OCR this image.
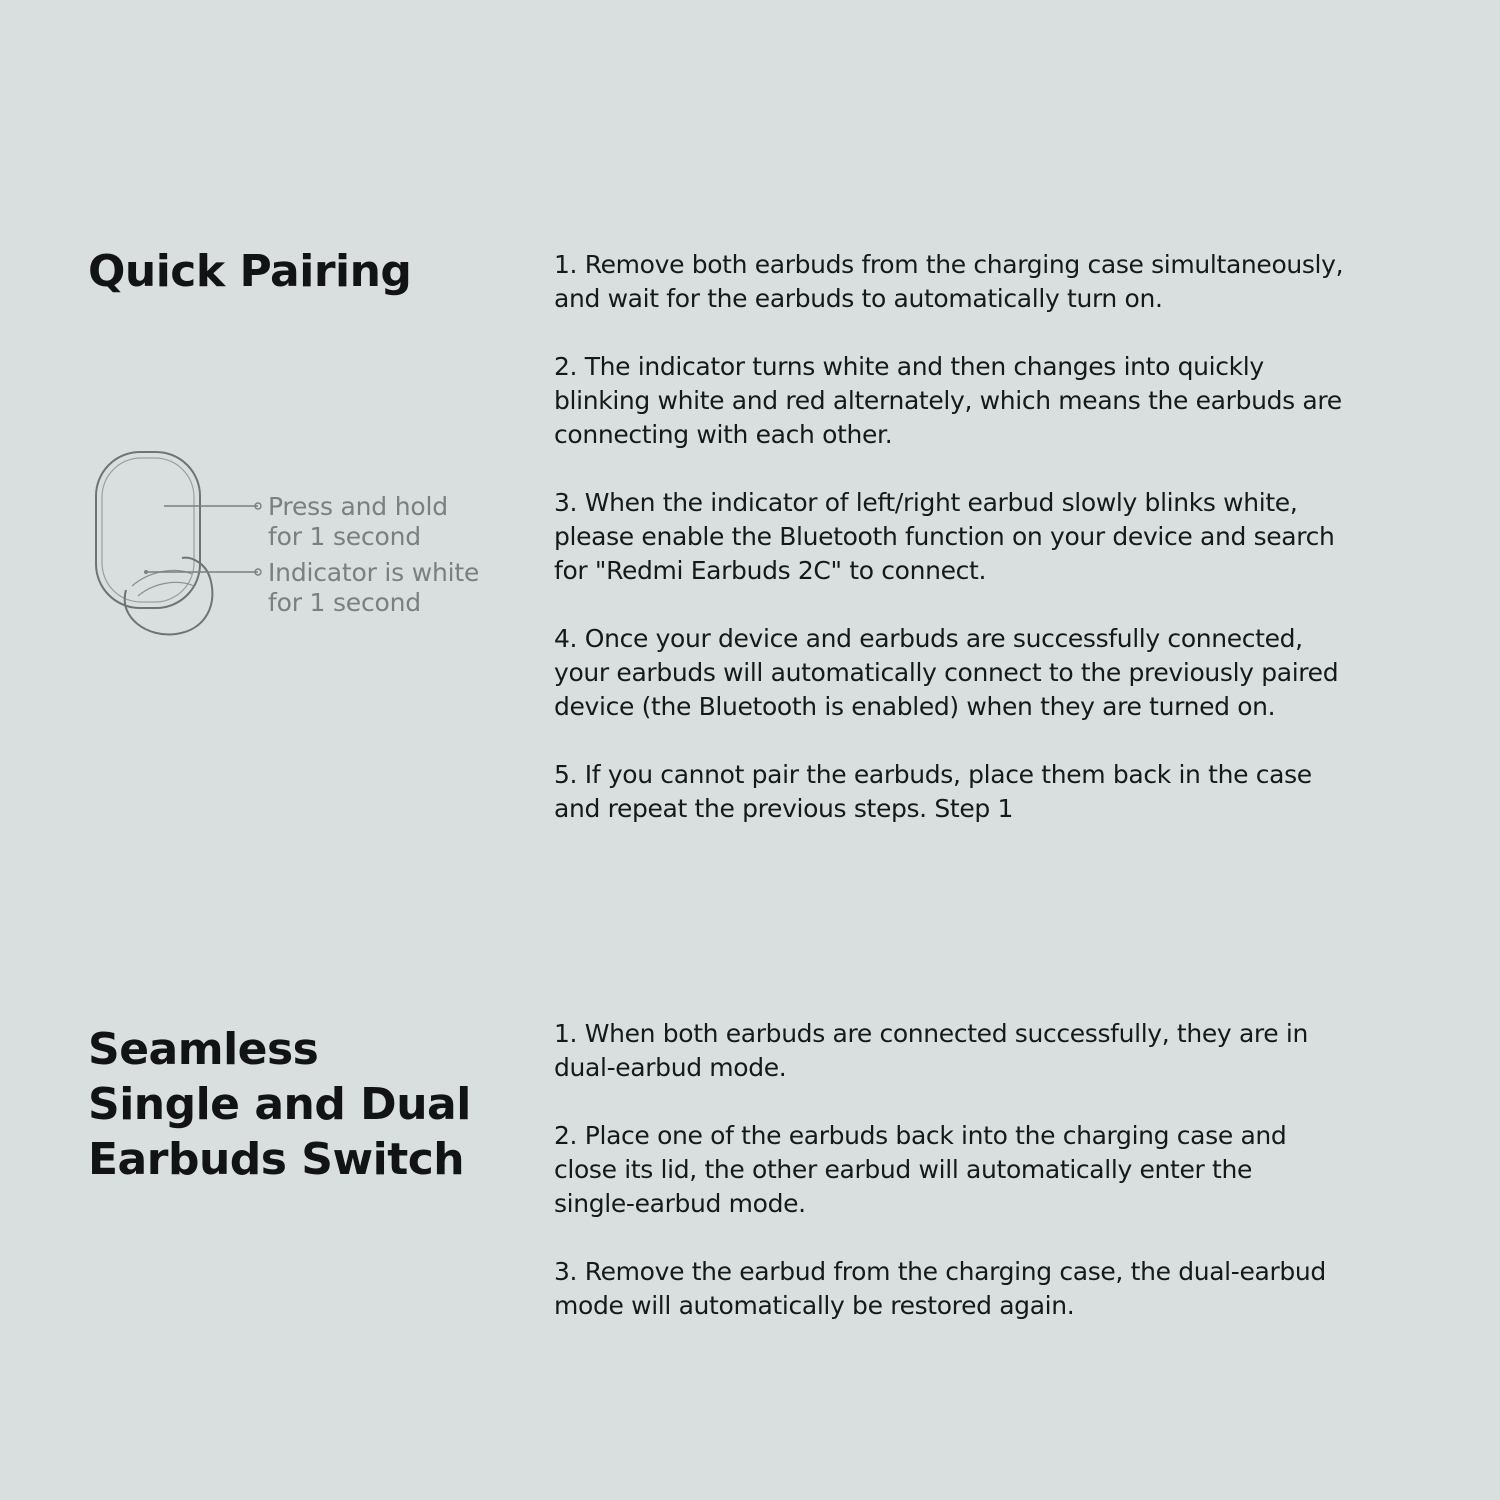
Quick Pairing
Press and hold
for 1 second
Indicator is white
for 1 second
1. Remove both earbuds from the charging case simultaneously,
and wait for the earbuds to automatically turn on.
2. The indicator turns white and then changes into quickly
blinking white and red alternately, which means the earbuds are
connecting with each other.
3. When the indicator of left/right earbud slowly blinks white,
please enable the Bluetooth function on your device and search
for "Redmi Earbuds 2C" to connect.
4. Once your device and earbuds are successfully connected,
your earbuds will automatically connect to the previously paired
device (the Bluetooth is enabled) when they are turned on.
5. If you cannot pair the earbuds, place them back in the case
and repeat the previous steps. Step 1
Seamless
Single and Dual
Earbuds Switch
1. When both earbuds are connected successfully, they are in
dual-earbud mode.
2. Place one of the earbuds back into the charging case and
close its lid, the other earbud will automatically enter the
single-earbud mode.
3. Remove the earbud from the charging case, the dual-earbud
mode will automatically be restored again.
